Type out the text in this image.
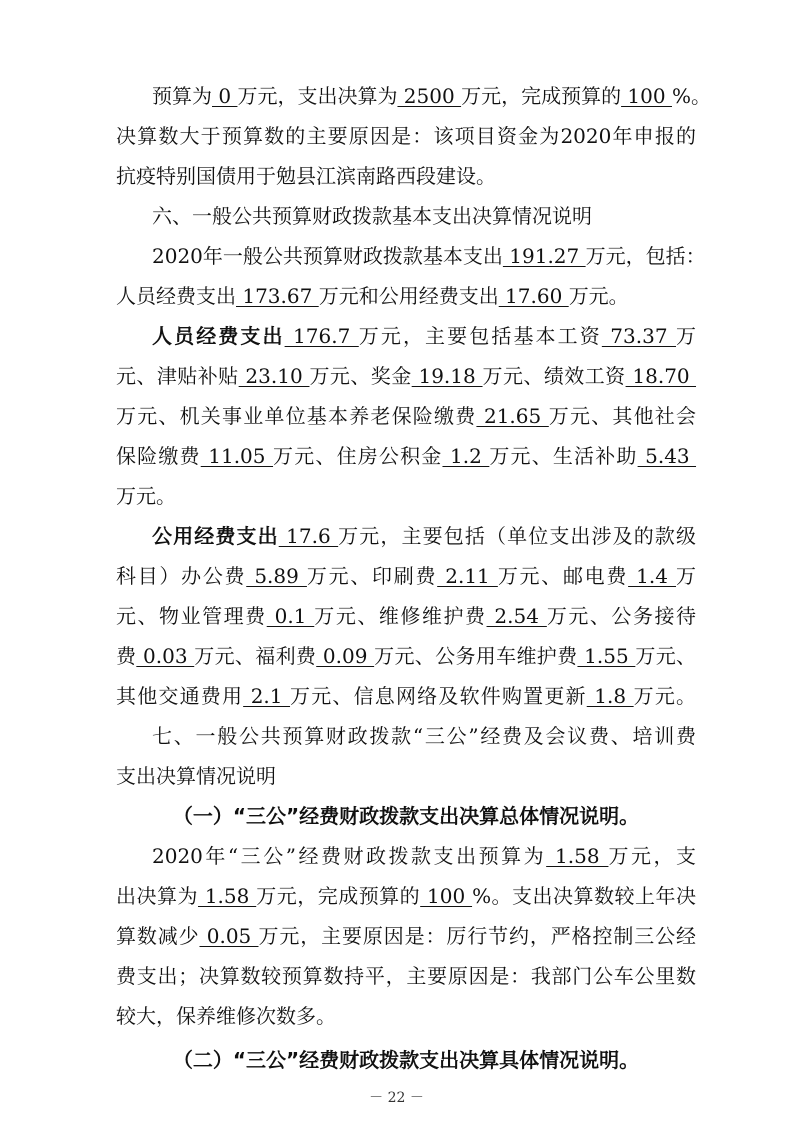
预算为 0 万元，支出决算为 2500 万元，完成预算的 100 %。
决算数大于预算数的主要原因是：该项目资金为2020年申报的
抗疫特别国债用于勉县江滨南路西段建设。
六、一般公共预算财政拨款基本支出决算情况说明
2020年一般公共预算财政拨款基本支出 191.27 万元，包括：
人员经费支出 173.67 万元和公用经费支出 17.60 万元。
人员经费支出 176.7 万元，主要包括基本工资 73.37 万
元、津贴补贴 23.10 万元、奖金 19.18 万元、绩效工资 18.70
万元、机关事业单位基本养老保险缴费 21.65 万元、其他社会
保险缴费 11.05 万元、住房公积金 1.2 万元、生活补助 5.43
万元。
公用经费支出 17.6 万元，主要包括（单位支出涉及的款级
科目）办公费 5.89 万元、印刷费 2.11 万元、邮电费 1.4 万
元、物业管理费 0.1 万元、维修维护费 2.54 万元、公务接待
费 0.03 万元、福利费 0.09 万元、公务用车维护费 1.55 万元、
其他交通费用 2.1 万元、信息网络及软件购置更新 1.8 万元。
七、一般公共预算财政拨款“三公”经费及会议费、培训费
支出决算情况说明
（一）“三公”经费财政拨款支出决算总体情况说明。
2020年“三公”经费财政拨款支出预算为 1.58 万元，支
出决算为 1.58 万元，完成预算的 100 %。支出决算数较上年决
算数减少 0.05 万元，主要原因是：厉行节约，严格控制三公经
费支出；决算数较预算数持平，主要原因是：我部门公车公里数
较大，保养维修次数多。
（二）“三公”经费财政拨款支出决算具体情况说明。
－ 22 －
